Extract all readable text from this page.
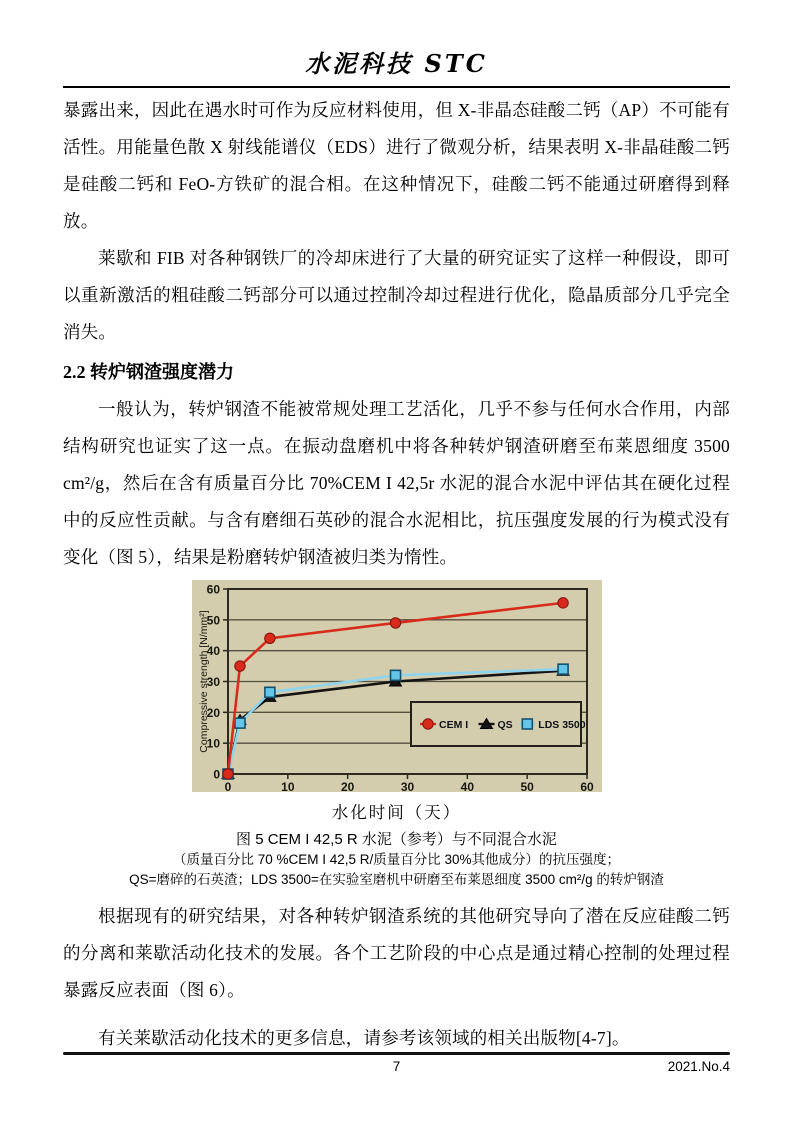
水泥科技 STC

暴露出来，因此在遇水时可作为反应材料使用，但 X-非晶态硅酸二钙（AP）不可能有活性。用能量色散 X 射线能谱仪（EDS）进行了微观分析，结果表明 X-非晶硅酸二钙是硅酸二钙和 FeO-方铁矿的混合相。在这种情况下，硅酸二钙不能通过研磨得到释放。

莱歇和 FIB 对各种钢铁厂的冷却床进行了大量的研究证实了这样一种假设，即可以重新激活的粗硅酸二钙部分可以通过控制冷却过程进行优化，隐晶质部分几乎完全消失。

2.2 转炉钢渣强度潜力

一般认为，转炉钢渣不能被常规处理工艺活化，几乎不参与任何水合作用，内部结构研究也证实了这一点。在振动盘磨机中将各种转炉钢渣研磨至布莱恩细度 3500 cm²/g，然后在含有质量百分比 70%CEM I 42,5r 水泥的混合水泥中评估其在硬化过程中的反应性贡献。与含有磨细石英砂的混合水泥相比，抗压强度发展的行为模式没有变化（图 5），结果是粉磨转炉钢渣被归类为惰性。

0
10
20
30
40
50
60
0	10	20	30	40	50	60
Compressive strength [N/mm²]	CEM I	QS LDS 3500
水化时间（天）
图 5 CEM I 42,5 R 水泥（参考）与不同混合水泥
（质量百分比 70 %CEM I 42,5 R/质量百分比 30%其他成分）的抗压强度；
QS=磨碎的石英渣；LDS 3500=在实验室磨机中研磨至布莱恩细度 3500 cm²/g 的转炉钢渣

根据现有的研究结果，对各种转炉钢渣系统的其他研究导向了潜在反应硅酸二钙的分离和莱歇活动化技术的发展。各个工艺阶段的中心点是通过精心控制的处理过程暴露反应表面（图 6）。

有关莱歇活动化技术的更多信息，请参考该领域的相关出版物[4-7]。

7	2021.No.4
